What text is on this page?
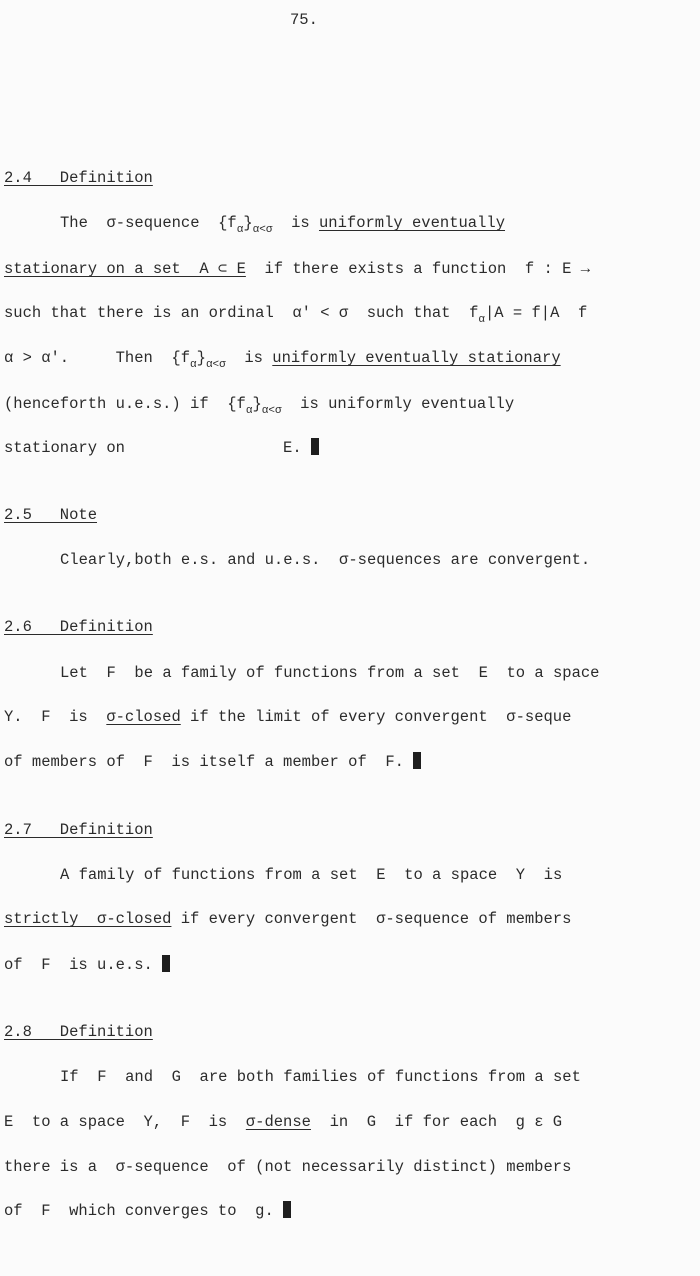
75.
2.4   Definition
The  σ-sequence  $\{f_\alpha\}_{\alpha<\sigma}$  is uniformly eventually
stationary on a set  A ⊂ E  if there exists a function  f : E →
such that there is an ordinal  α' < σ  such that  $f_\alpha|A = f|A$  f
α > α'.     Then  $\{f_\alpha\}_{\alpha<\sigma}$  is uniformly eventually stationary
(henceforth u.e.s.) if  $\{f_\alpha\}_{\alpha<\sigma}$  is uniformly eventually
stationary on                 E.
2.5   Note
Clearly,both e.s. and u.e.s.  σ-sequences are convergent.
2.6   Definition
Let  F  be a family of functions from a set  E  to a space
Y.  F  is  σ-closed if the limit of every convergent  σ-seque
of members of  F  is itself a member of  F.
2.7   Definition
A family of functions from a set  E  to a space  Y  is
strictly  σ-closed if every convergent  σ-sequence of members
of  F  is u.e.s.
2.8   Definition
If  F  and  G  are both families of functions from a set
E  to a space  Y,  F  is  σ-dense  in  G  if for each  g ε G
there is a  σ-sequence  of (not necessarily distinct) members
of  F  which converges to  g.
